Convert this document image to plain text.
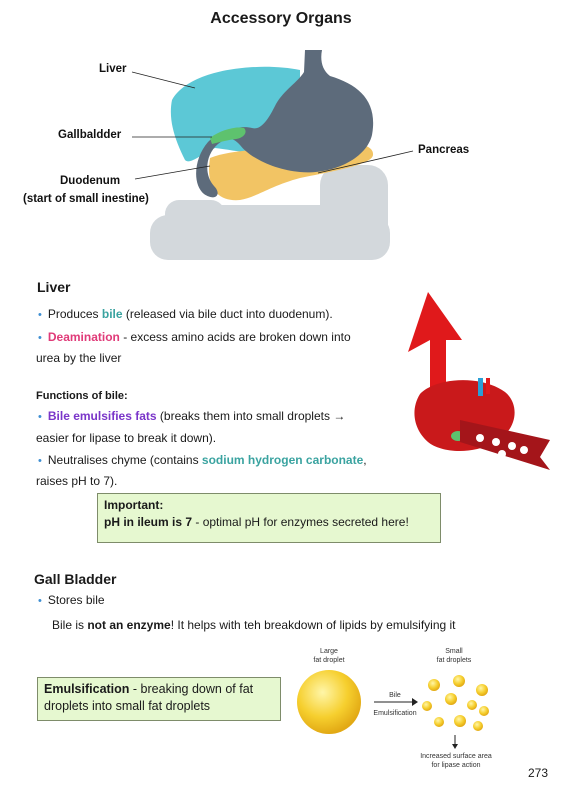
Accessory Organs
Liver
Gallbaldder
Duodenum
(start of small inestine)
Pancreas
Liver
• Produces bile (released via bile duct into duodenum).
• Deamination - excess amino acids are broken down into
urea by the liver
Functions of bile:
• Bile emulsifies fats (breaks them into small droplets →
easier for lipase to break it down).
• Neutralises chyme (contains sodium hydrogen carbonate,
raises pH to 7).
Important:
pH in ileum is 7 - optimal pH for enzymes secreted here!
Gall Bladder
• Stores bile
Bile is not an enzyme! It helps with teh breakdown of lipids by emulsifying it
Emulsification - breaking down of fat droplets into small fat droplets
Large
fat droplet
Small
fat droplets
Bile
Emulsification
Increased surface area
for lipase action
273
